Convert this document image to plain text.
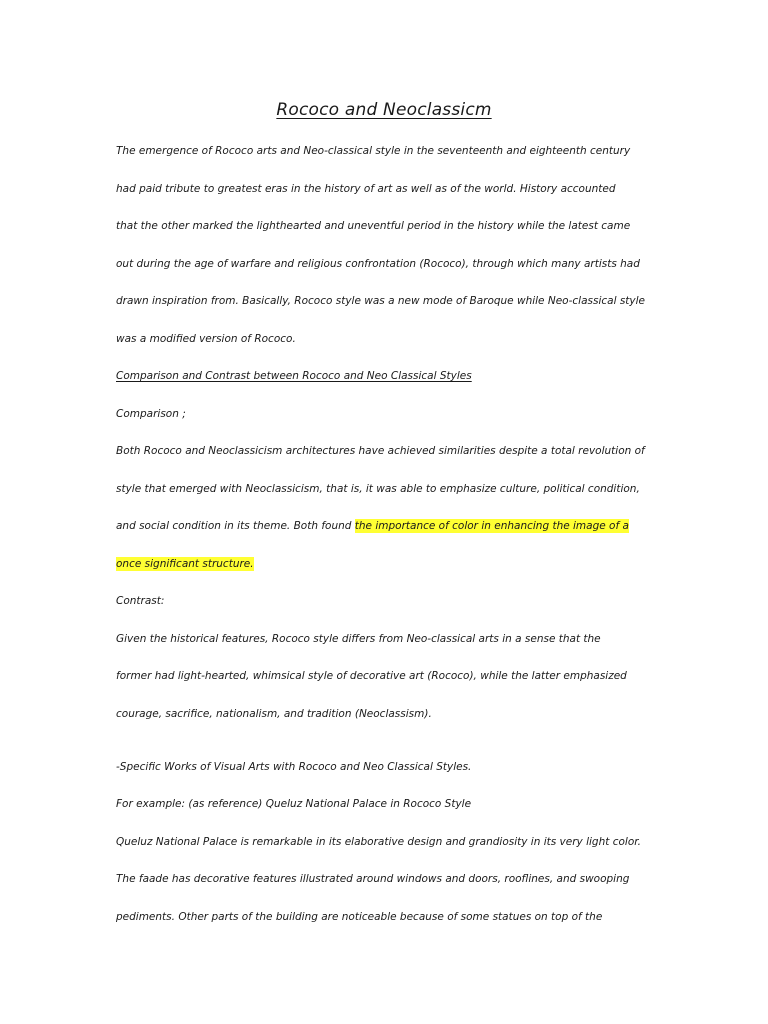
Rococo and Neoclassicm
The emergence of Rococo arts and Neo-classical style in the seventeenth and eighteenth century
had paid tribute to greatest eras in the history of art as well as of the world. History accounted
that the other marked the lighthearted and uneventful period in the history while the latest came
out during the age of warfare and religious confrontation (Rococo), through which many artists had
drawn inspiration from. Basically, Rococo style was a new mode of Baroque while Neo-classical style
was a modified version of Rococo.
Comparison and Contrast between Rococo and Neo Classical Styles
Comparison ;
Both Rococo and Neoclassicism architectures have achieved similarities despite a total revolution of
style that emerged with Neoclassicism, that is, it was able to emphasize culture, political condition,
and social condition in its theme. Both found the importance of color in enhancing the image of a
once significant structure.
Contrast:
Given the historical features, Rococo style differs from Neo-classical arts in a sense that the
former had light-hearted, whimsical style of decorative art (Rococo), while the latter emphasized
courage, sacrifice, nationalism, and tradition (Neoclassism).
-Specific Works of Visual Arts with Rococo and Neo Classical Styles.
For example: (as reference) Queluz National Palace in Rococo Style
Queluz National Palace is remarkable in its elaborative design and grandiosity in its very light color.
The faade has decorative features illustrated around windows and doors, rooflines, and swooping
pediments. Other parts of the building are noticeable because of some statues on top of the
